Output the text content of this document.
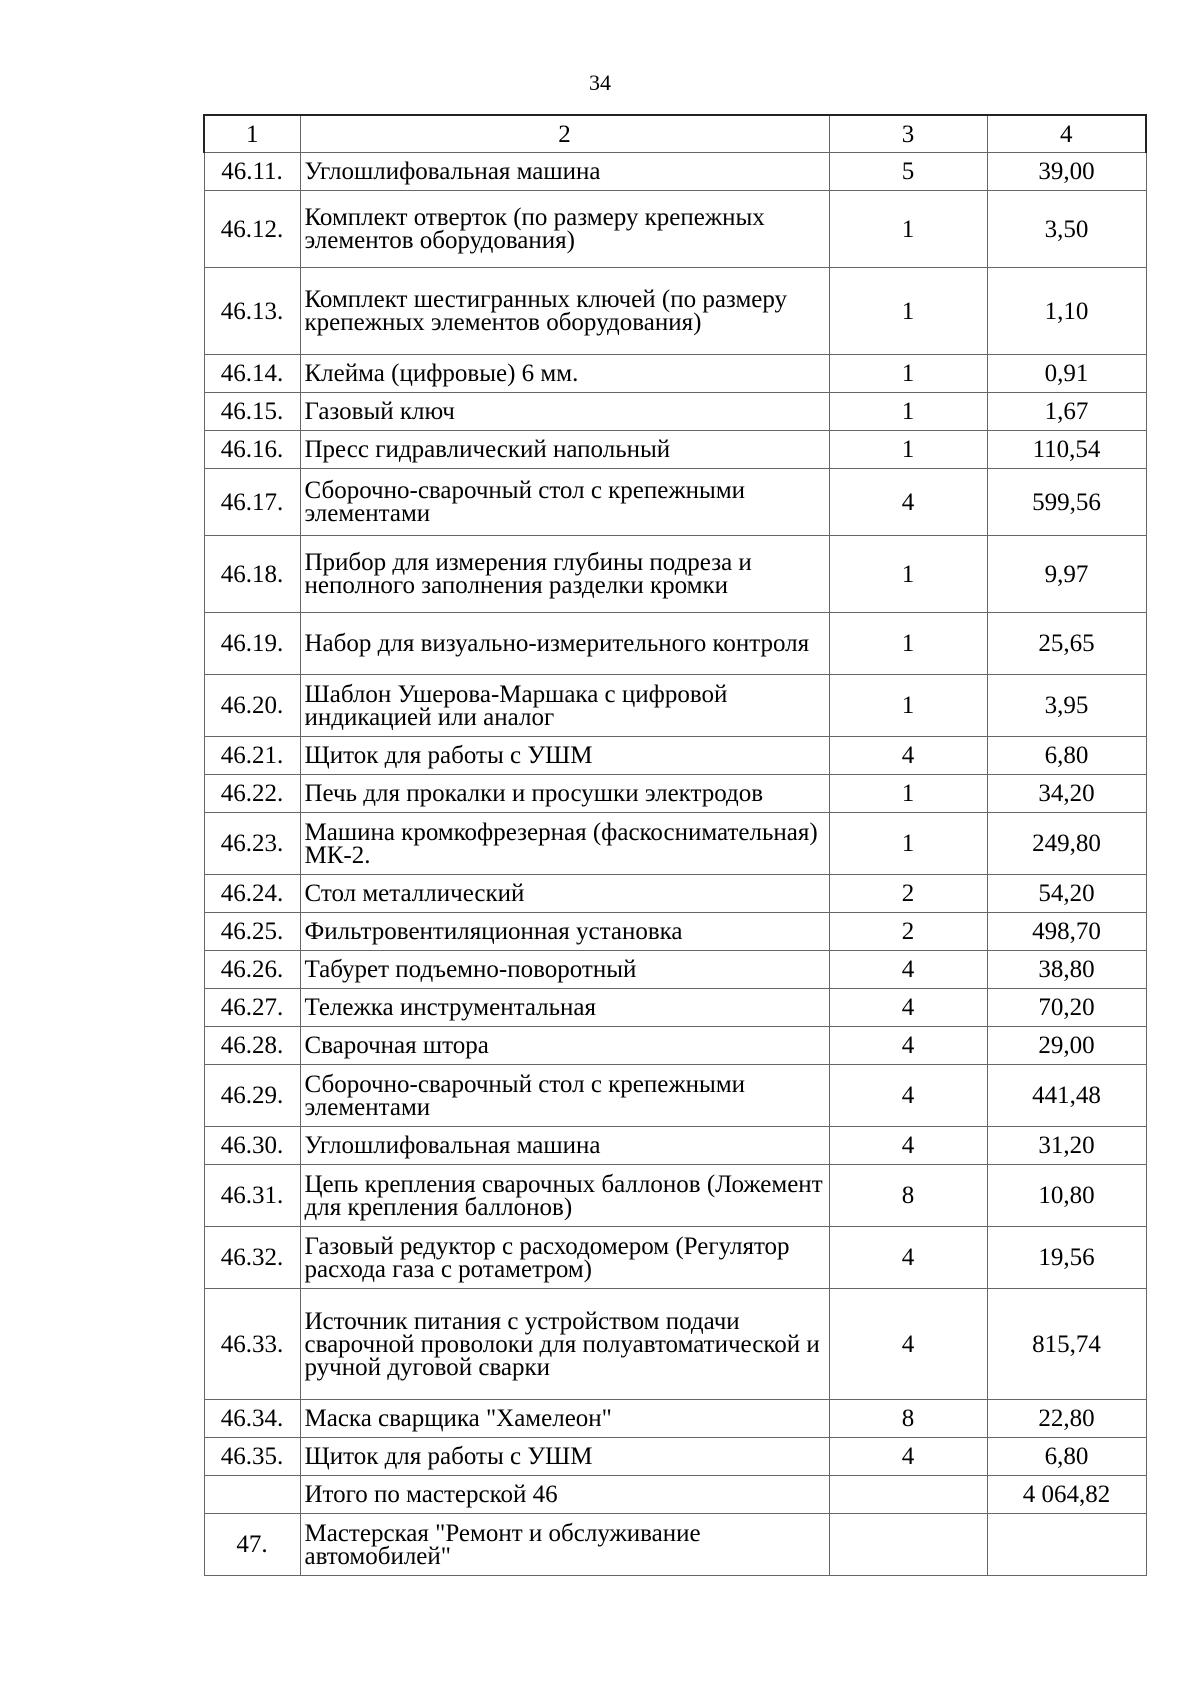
34
1	2	3	4
46.11.	Углошлифовальная машина	5	39,00
46.12.	Комплект отверток (по размеру крепежных элементов оборудования)	1	3,50
46.13.	Комплект шестигранных ключей (по размеру крепежных элементов оборудования)	1	1,10
46.14.	Клейма (цифровые) 6 мм.	1	0,91
46.15.	Газовый ключ	1	1,67
46.16.	Пресс гидравлический напольный	1	110,54
46.17.	Сборочно-сварочный стол с крепежными элементами	4	599,56
46.18.	Прибор для измерения глубины подреза и неполного заполнения разделки кромки	1	9,97
46.19.	Набор для визуально-измерительного контроля	1	25,65
46.20.	Шаблон Ушерова-Маршака с цифровой индикацией или аналог	1	3,95
46.21.	Щиток для работы с УШМ	4	6,80
46.22.	Печь для прокалки и просушки электродов	1	34,20
46.23.	Машина кромкофрезерная (фаскоснимательная) МК-2.	1	249,80
46.24.	Стол металлический	2	54,20
46.25.	Фильтровентиляционная установка	2	498,70
46.26.	Табурет подъемно-поворотный	4	38,80
46.27.	Тележка инструментальная	4	70,20
46.28.	Сварочная штора	4	29,00
46.29.	Сборочно-сварочный стол с крепежными элементами	4	441,48
46.30.	Углошлифовальная машина	4	31,20
46.31.	Цепь крепления сварочных баллонов (Ложемент для крепления баллонов)	8	10,80
46.32.	Газовый редуктор с расходомером (Регулятор расхода газа с ротаметром)	4	19,56
46.33.	Источник питания с устройством подачи сварочной проволоки для полуавтоматической и ручной дуговой сварки	4	815,74
46.34.	Маска сварщика "Хамелеон"	8	22,80
46.35.	Щиток для работы с УШМ	4	6,80
	Итого по мастерской 46		4 064,82
47.	Мастерская "Ремонт и обслуживание автомобилей"		
